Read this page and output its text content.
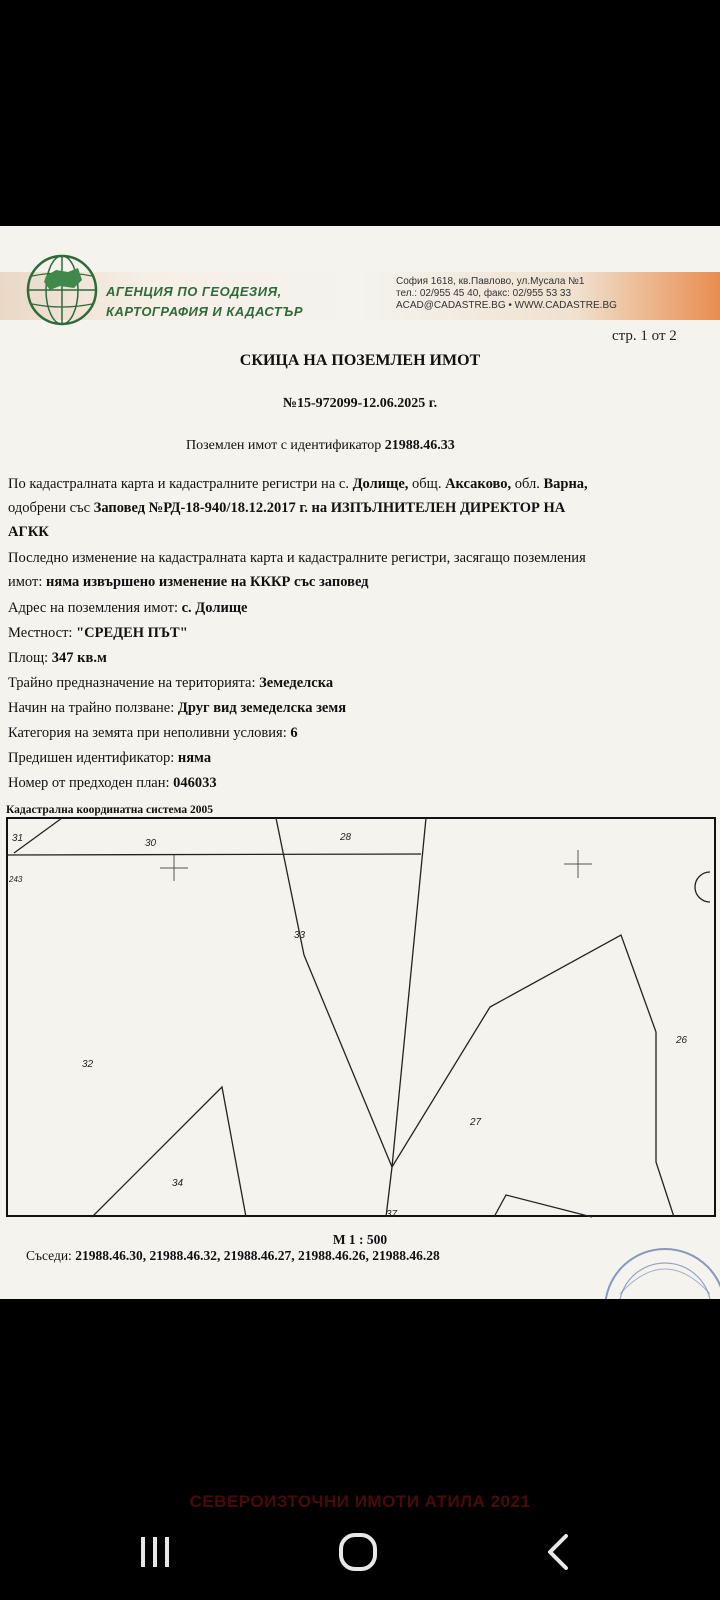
АГЕНЦИЯ ПО ГЕОДЕЗИЯ,
КАРТОГРАФИЯ И КАДАСТЪР
София 1618, кв.Павлово, ул.Мусала №1
тел.: 02/955 45 40, факс: 02/955 53 33
ACAD@CADASTRE.BG • WWW.CADASTRE.BG
стр. 1 от 2
СКИЦА НА ПОЗЕМЛЕН ИМОТ
№15-972099-12.06.2025 г.
Поземлен имот с идентификатор 21988.46.33
По кадастралната карта и кадастралните регистри на с. Долище, общ. Аксаково, обл. Варна,
одобрени със Заповед №РД-18-940/18.12.2017 г. на ИЗПЪЛНИТЕЛЕН ДИРЕКТОР НА
АГКК
Последно изменение на кадастралната карта и кадастралните регистри, засягащо поземления
имот: няма извършено изменение на КККР със заповед
Адрес на поземления имот: с. Долище
Местност: "СРЕДЕН ПЪТ"
Площ: 347 кв.м
Трайно предназначение на територията: Земеделска
Начин на трайно ползване: Друг вид земеделска земя
Категория на земята при неполивни условия: 6
Предишен идентификатор: няма
Номер от предходен план: 046033
Кадастрална координатна система 2005
31	30
28
33
32
34
27
26
37
243
М 1 : 500
Съседи: 21988.46.30, 21988.46.32, 21988.46.27, 21988.46.26, 21988.46.28
СЕВЕРОИЗТОЧНИ ИМОТИ АТИЛА 2021
